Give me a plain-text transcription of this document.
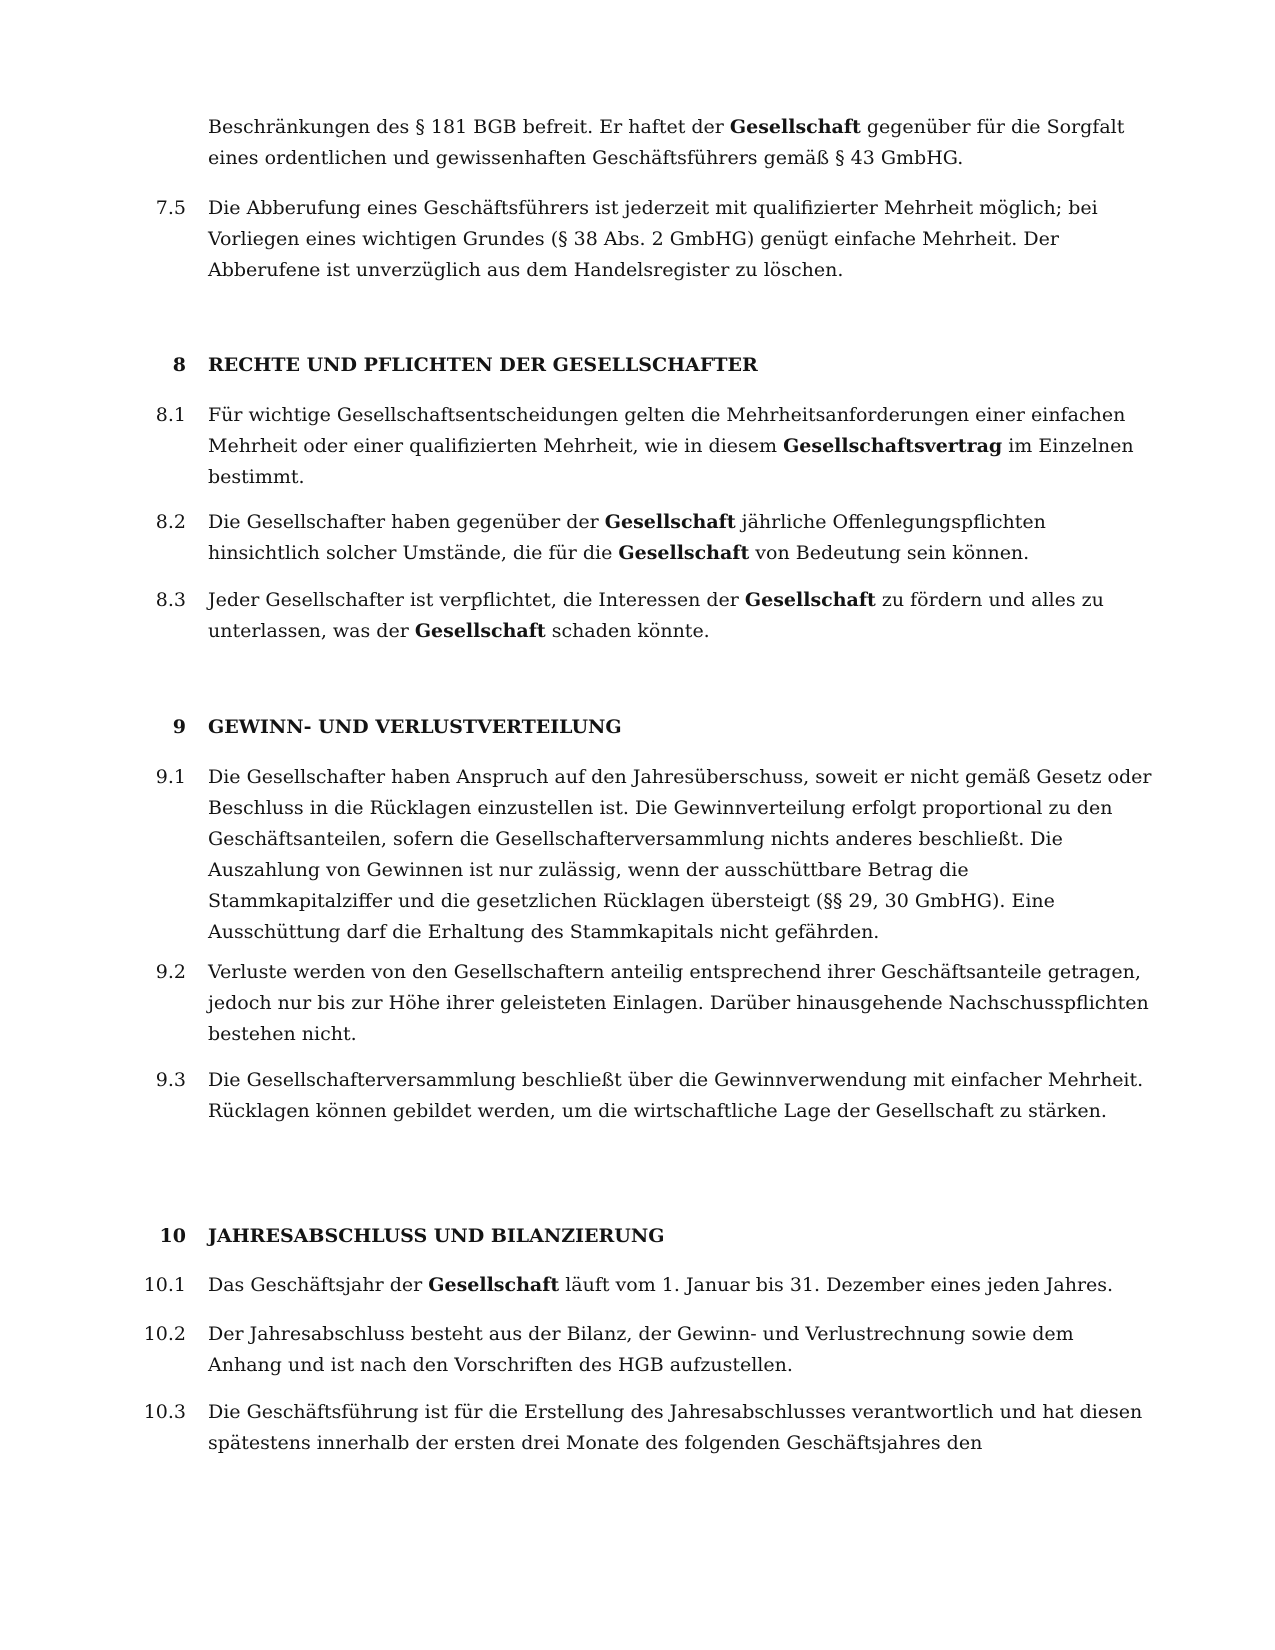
Beschränkungen des § 181 BGB befreit. Er haftet der Gesellschaft gegenüber für die Sorgfalt eines ordentlichen und gewissenhaften Geschäftsführers gemäß § 43 GmbHG.
7.5 Die Abberufung eines Geschäftsführers ist jederzeit mit qualifizierter Mehrheit möglich; bei Vorliegen eines wichtigen Grundes (§ 38 Abs. 2 GmbHG) genügt einfache Mehrheit. Der Abberufene ist unverzüglich aus dem Handelsregister zu löschen.
8 RECHTE UND PFLICHTEN DER GESELLSCHAFTER
8.1 Für wichtige Gesellschaftsentscheidungen gelten die Mehrheitsanforderungen einer einfachen Mehrheit oder einer qualifizierten Mehrheit, wie in diesem Gesellschaftsvertrag im Einzelnen bestimmt.
8.2 Die Gesellschafter haben gegenüber der Gesellschaft jährliche Offenlegungspflichten hinsichtlich solcher Umstände, die für die Gesellschaft von Bedeutung sein können.
8.3 Jeder Gesellschafter ist verpflichtet, die Interessen der Gesellschaft zu fördern und alles zu unterlassen, was der Gesellschaft schaden könnte.
9 GEWINN- UND VERLUSTVERTEILUNG
9.1 Die Gesellschafter haben Anspruch auf den Jahresüberschuss, soweit er nicht gemäß Gesetz oder Beschluss in die Rücklagen einzustellen ist. Die Gewinnverteilung erfolgt proportional zu den Geschäftsanteilen, sofern die Gesellschafterversammlung nichts anderes beschließt. Die Auszahlung von Gewinnen ist nur zulässig, wenn der ausschüttbare Betrag die Stammkapitalziffer und die gesetzlichen Rücklagen übersteigt (§§ 29, 30 GmbHG). Eine Ausschüttung darf die Erhaltung des Stammkapitals nicht gefährden.
9.2 Verluste werden von den Gesellschaftern anteilig entsprechend ihrer Geschäftsanteile getragen, jedoch nur bis zur Höhe ihrer geleisteten Einlagen. Darüber hinausgehende Nachschusspflichten bestehen nicht.
9.3 Die Gesellschafterversammlung beschließt über die Gewinnverwendung mit einfacher Mehrheit. Rücklagen können gebildet werden, um die wirtschaftliche Lage der Gesellschaft zu stärken.
10 JAHRESABSCHLUSS UND BILANZIERUNG
10.1 Das Geschäftsjahr der Gesellschaft läuft vom 1. Januar bis 31. Dezember eines jeden Jahres.
10.2 Der Jahresabschluss besteht aus der Bilanz, der Gewinn- und Verlustrechnung sowie dem Anhang und ist nach den Vorschriften des HGB aufzustellen.
10.3 Die Geschäftsführung ist für die Erstellung des Jahresabschlusses verantwortlich und hat diesen spätestens innerhalb der ersten drei Monate des folgenden Geschäftsjahres den
